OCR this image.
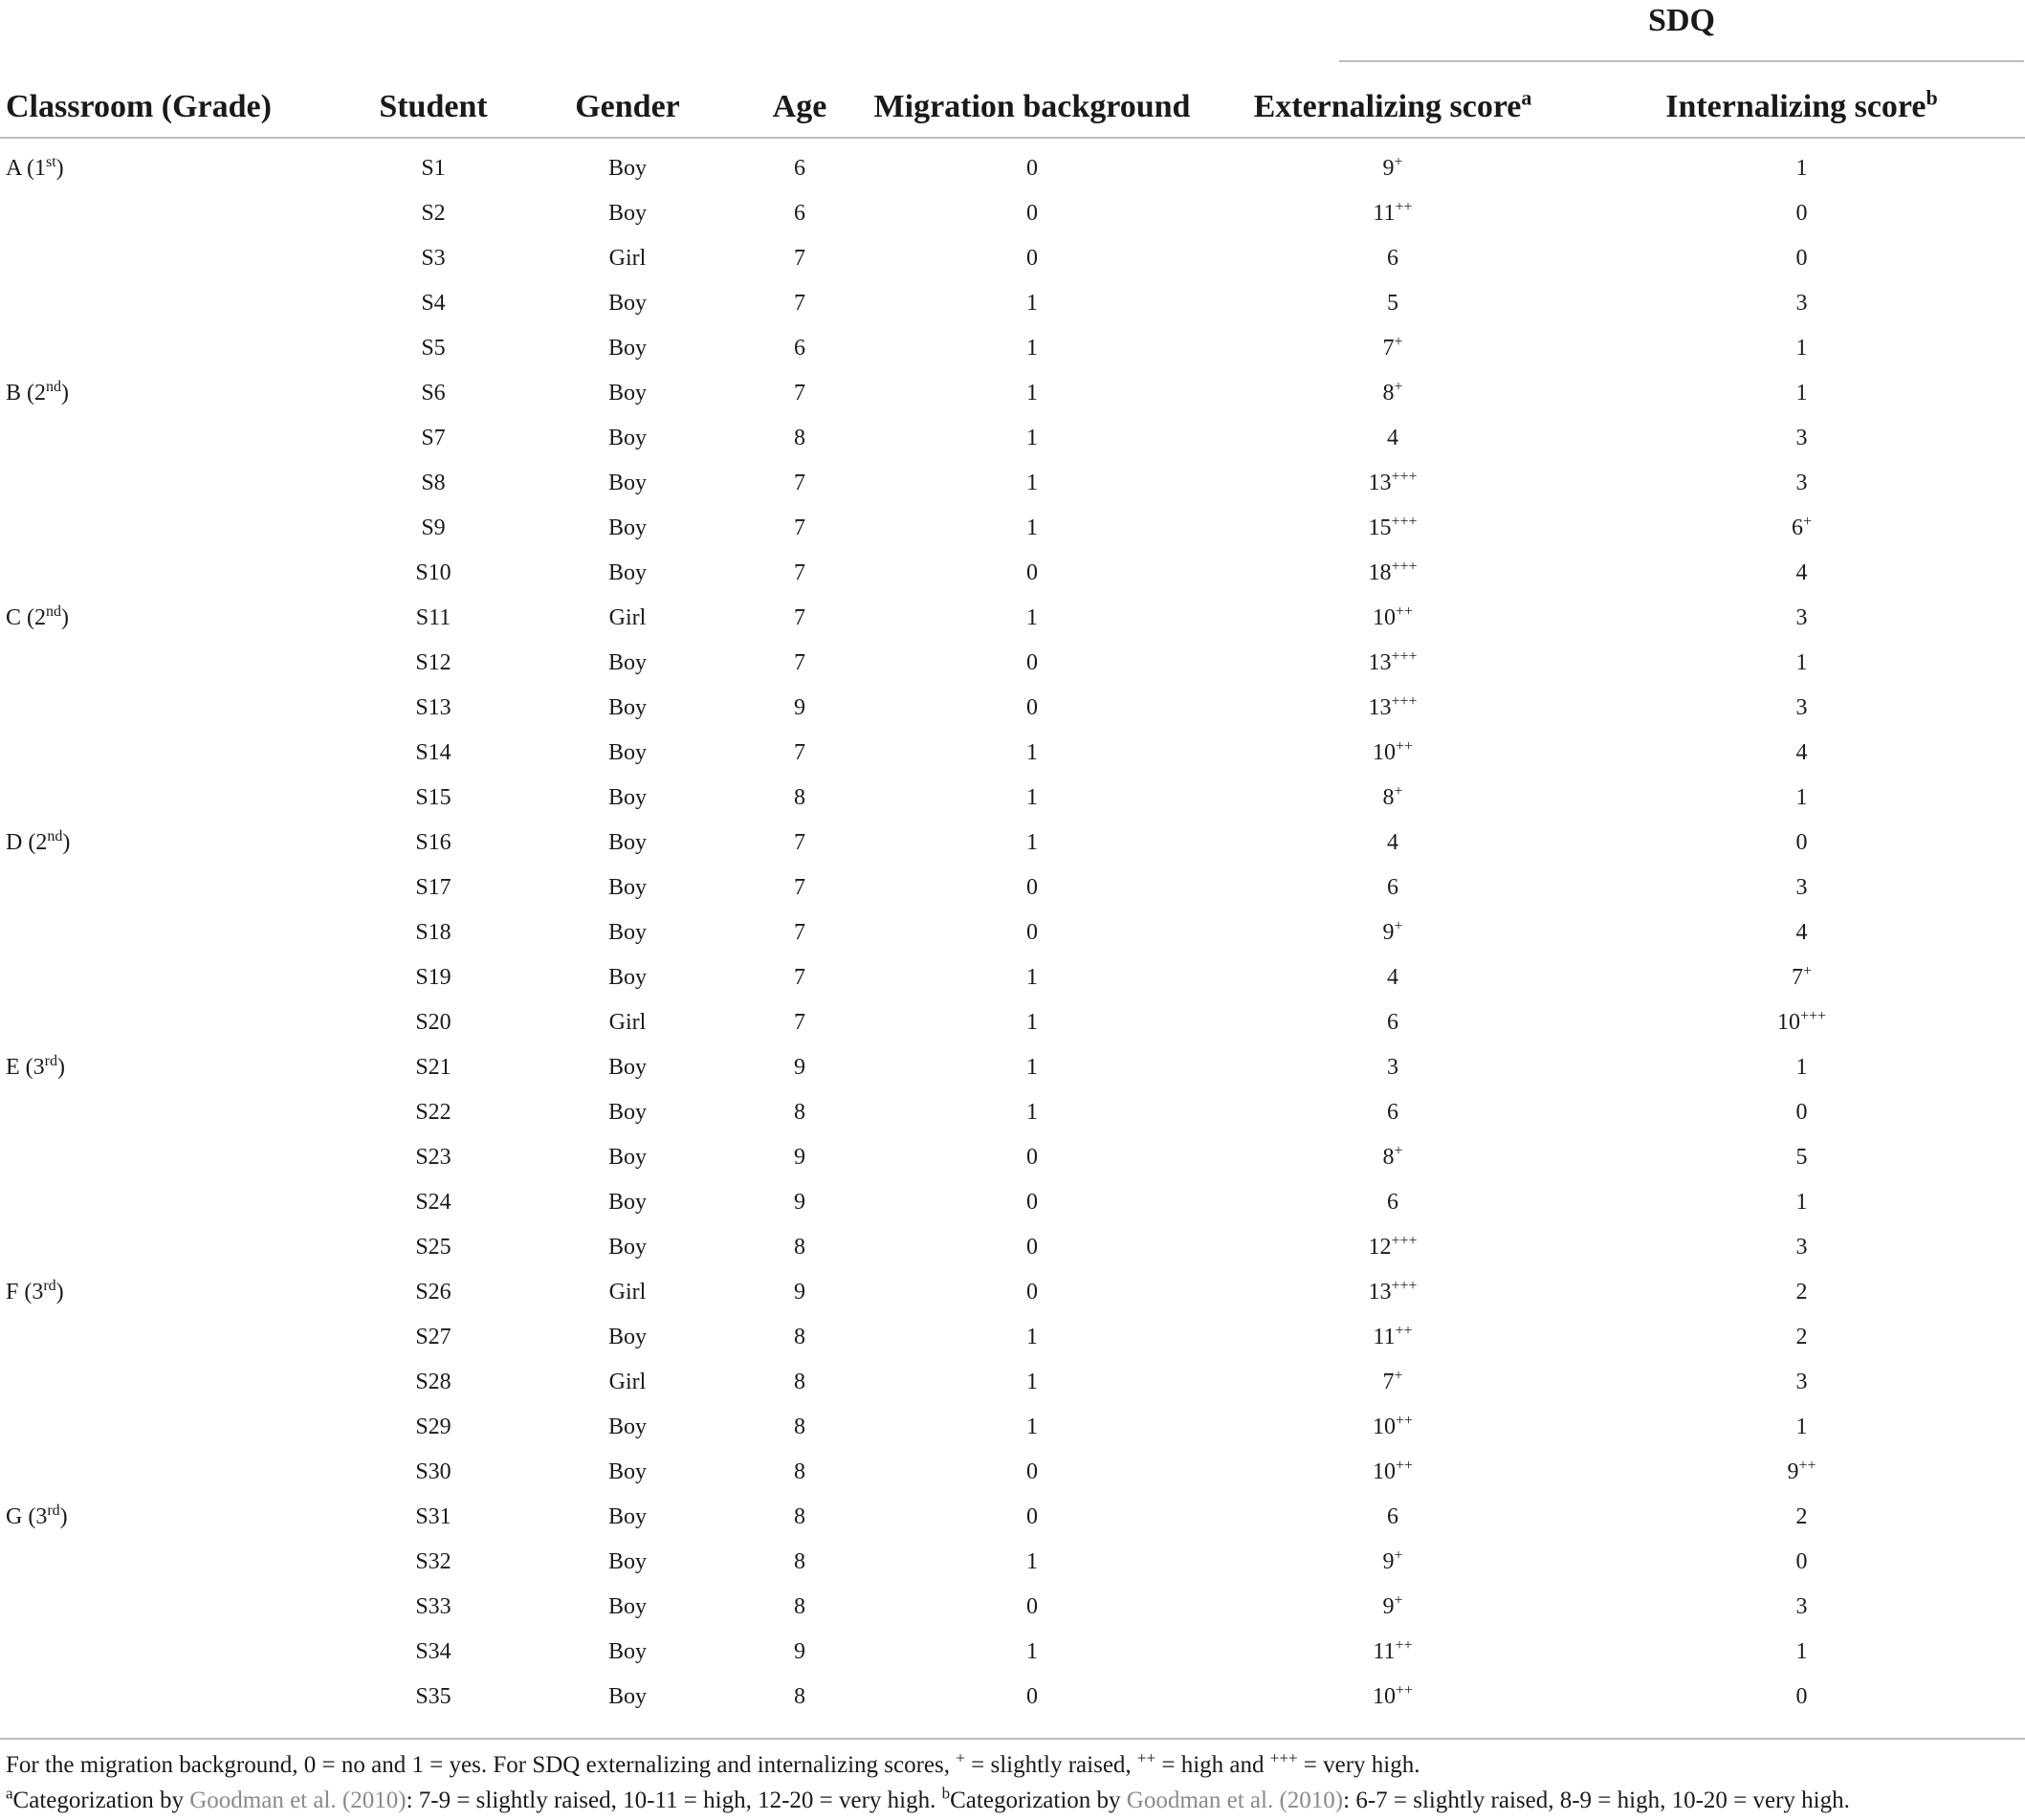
SDQ
Classroom (Grade)	Student	Gender	Age	Migration background	Externalizing score$^a$	Internalizing score$^b$
A (1st)	S1	Boy	6	0	9+	1
	S2	Boy	6	0	11++	0
	S3	Girl	7	0	6	0
	S4	Boy	7	1	5	3
	S5	Boy	6	1	7+	1
B (2nd)	S6	Boy	7	1	8+	1
	S7	Boy	8	1	4	3
	S8	Boy	7	1	13+++	3
	S9	Boy	7	1	15+++	6+
	S10	Boy	7	0	18+++	4
C (2nd)	S11	Girl	7	1	10++	3
	S12	Boy	7	0	13+++	1
	S13	Boy	9	0	13+++	3
	S14	Boy	7	1	10++	4
	S15	Boy	8	1	8+	1
D (2nd)	S16	Boy	7	1	4	0
	S17	Boy	7	0	6	3
	S18	Boy	7	0	9+	4
	S19	Boy	7	1	4	7+
	S20	Girl	7	1	6	10+++
E (3rd)	S21	Boy	9	1	3	1
	S22	Boy	8	1	6	0
	S23	Boy	9	0	8+	5
	S24	Boy	9	0	6	1
	S25	Boy	8	0	12+++	3
F (3rd)	S26	Girl	9	0	13+++	2
	S27	Boy	8	1	11++	2
	S28	Girl	8	1	7+	3
	S29	Boy	8	1	10++	1
	S30	Boy	8	0	10++	9++
G (3rd)	S31	Boy	8	0	6	2
	S32	Boy	8	1	9+	0
	S33	Boy	8	0	9+	3
	S34	Boy	9	1	11++	1
	S35	Boy	8	0	10++	0
For the migration background, 0 = no and 1 = yes. For SDQ externalizing and internalizing scores, + = slightly raised, ++ = high and +++ = very high.
$^a$Categorization by Goodman et al. (2010): 7-9 = slightly raised, 10-11 = high, 12-20 = very high. $^b$Categorization by Goodman et al. (2010): 6-7 = slightly raised, 8-9 = high, 10-20 = very high.
